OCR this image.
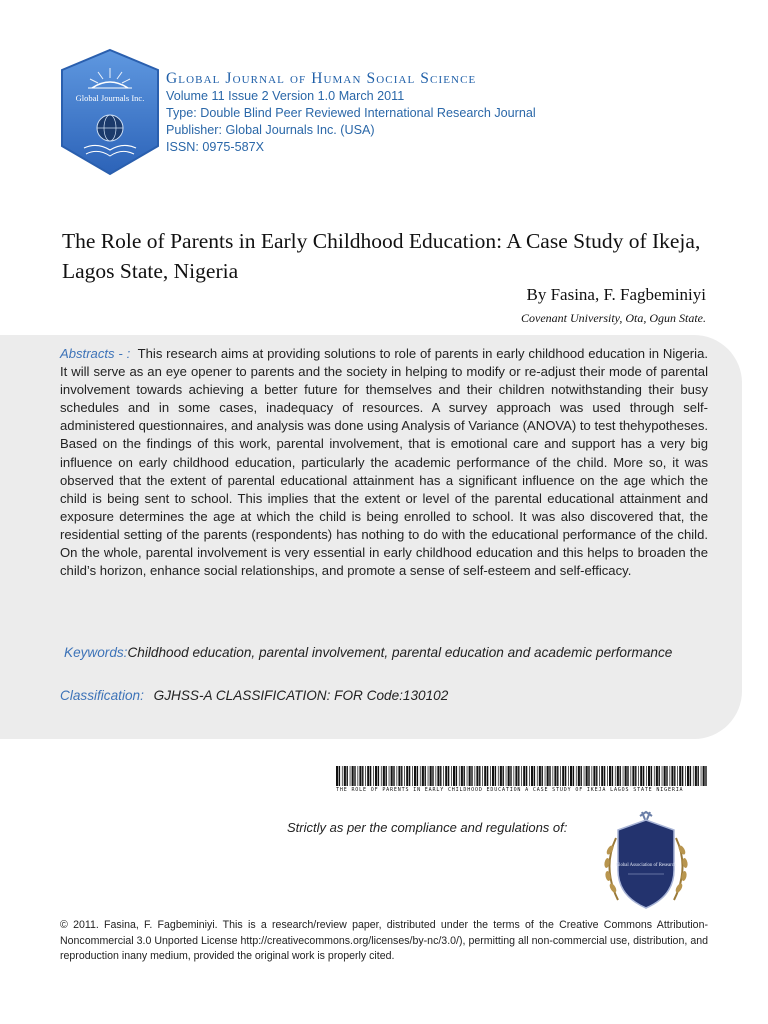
Global Journals Inc.
Global Journal of Human Social Science
Volume 11 Issue 2 Version 1.0 March 2011
Type: Double Blind Peer Reviewed International Research Journal
Publisher: Global Journals Inc. (USA)
ISSN: 0975-587X
The Role of Parents in Early Childhood Education: A Case Study of Ikeja, Lagos State, Nigeria
By Fasina, F. Fagbeminiyi
Covenant University, Ota, Ogun State.
Abstracts - : This research aims at providing solutions to role of parents in early childhood education in Nigeria. It will serve as an eye opener to parents and the society in helping to modify or re-adjust their mode of parental involvement towards achieving a better future for themselves and their children notwithstanding their busy schedules and in some cases, inadequacy of resources. A survey approach was used through self- administered questionnaires, and analysis was done using Analysis of Variance (ANOVA) to test thehypotheses. Based on the findings of this work, parental involvement, that is emotional care and support has a very big influence on early childhood education, particularly the academic performance of the child. More so, it was observed that the extent of parental educational attainment has a significant influence on the age which the child is being sent to school. This implies that the extent or level of the parental educational attainment and exposure determines the age at which the child is being enrolled to school. It was also discovered that, the residential setting of the parents (respondents) has nothing to do with the educational performance of the child. On the whole, parental involvement is very essential in early childhood education and this helps to broaden the child’s horizon, enhance social relationships, and promote a sense of self-esteem and self-efficacy.
Keywords: Childhood education, parental involvement, parental education and academic performance
Classification: GJHSS-A CLASSIFICATION: FOR Code:130102
THE ROLE OF PARENTS IN EARLY CHILDHOOD EDUCATION A CASE STUDY OF IKEJA LAGOS STATE NIGERIA
Strictly as per the compliance and regulations of:
Global Association of Research
© 2011. Fasina, F. Fagbeminiyi. This is a research/review paper, distributed under the terms of the Creative Commons Attribution-Noncommercial 3.0 Unported License http://creativecommons.org/licenses/by-nc/3.0/), permitting all non-commercial use, distribution, and reproduction inany medium, provided the original work is properly cited.
